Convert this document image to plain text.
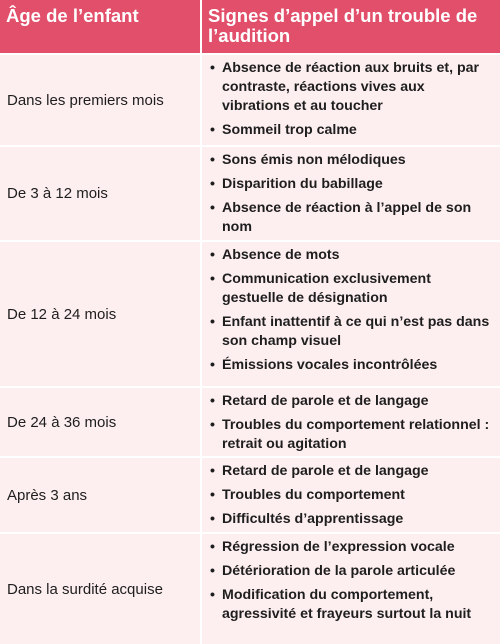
Âge de l’enfant	Signes d’appel d’un trouble de l’audition
Dans les premiers mois
• Absence de réaction aux bruits et, par contraste, réactions vives aux vibrations et au toucher
• Sommeil trop calme
De 3 à 12 mois
• Sons émis non mélodiques
• Disparition du babillage
• Absence de réaction à l’appel de son nom
De 12 à 24 mois
• Absence de mots
• Communication exclusivement gestuelle de désignation
• Enfant inattentif à ce qui n’est pas dans son champ visuel
• Émissions vocales incontrôlées
De 24 à 36 mois
• Retard de parole et de langage
• Troubles du comportement relationnel : retrait ou agitation
Après 3 ans
• Retard de parole et de langage
• Troubles du comportement
• Difficultés d’apprentissage
Dans la surdité acquise
• Régression de l’expression vocale
• Détérioration de la parole articulée
• Modification du comportement, agressivité et frayeurs surtout la nuit
